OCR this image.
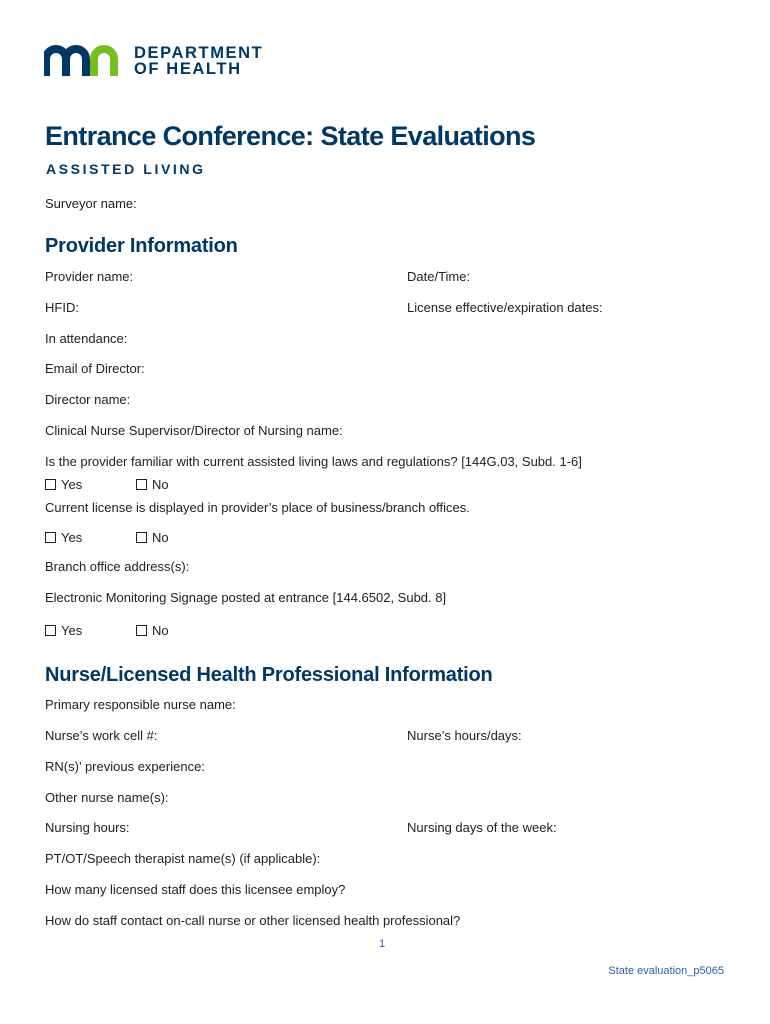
DEPARTMENT
OF HEALTH
Entrance Conference: State Evaluations
ASSISTED LIVING
Surveyor name:
Provider Information
Provider name:	Date/Time:
HFID:	License effective/expiration dates:
In attendance:
Email of Director:
Director name:
Clinical Nurse Supervisor/Director of Nursing name:
Is the provider familiar with current assisted living laws and regulations? [144G.03, Subd. 1-6]
Yes	No
Current license is displayed in provider’s place of business/branch offices.
Yes	No
Branch office address(s):
Electronic Monitoring Signage posted at entrance [144.6502, Subd. 8]
Yes	No
Nurse/Licensed Health Professional Information
Primary responsible nurse name:
Nurse’s work cell #:	Nurse’s hours/days:
RN(s)’ previous experience:
Other nurse name(s):
Nursing hours:	Nursing days of the week:
PT/OT/Speech therapist name(s) (if applicable):
How many licensed staff does this licensee employ?
How do staff contact on-call nurse or other licensed health professional?
1
State evaluation_p5065
